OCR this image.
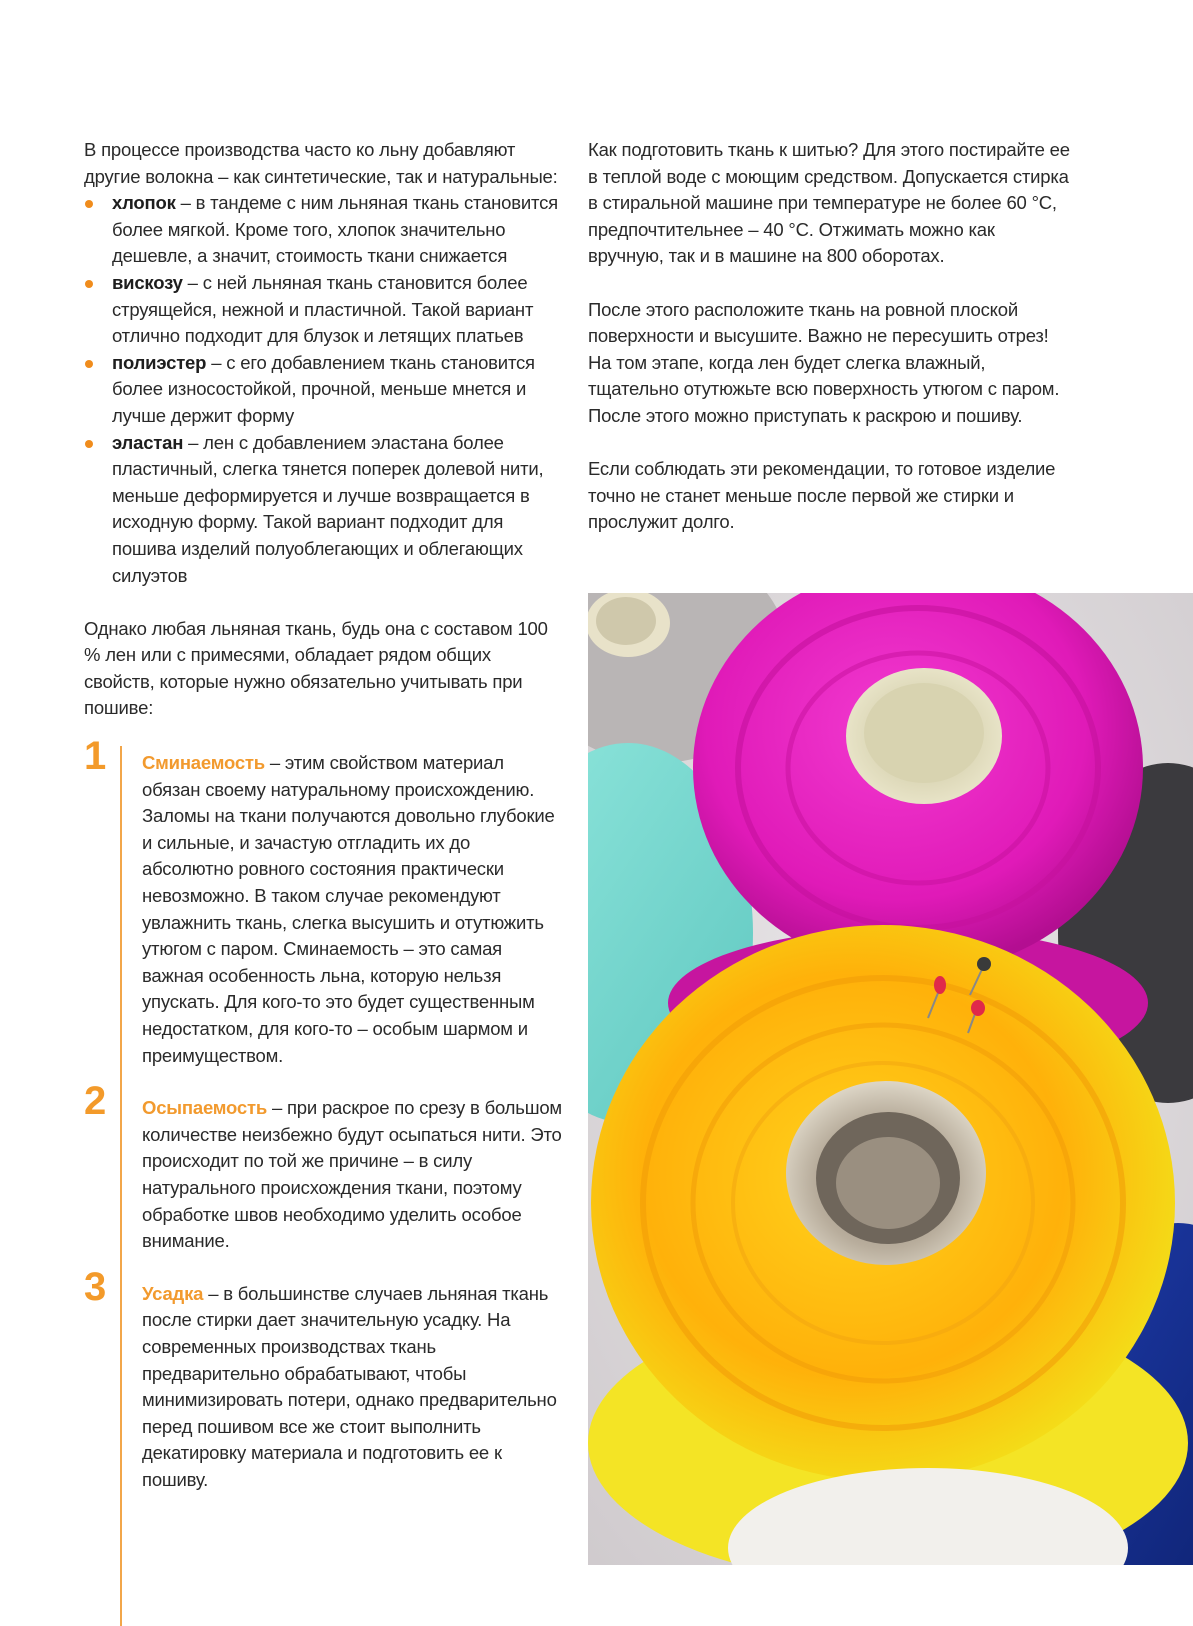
В процессе производства часто ко льну добавляют другие волокна – как синтетические, так и натуральные:

хлопок – в тандеме с ним льняная ткань становится более мягкой. Кроме того, хлопок значительно дешевле, а значит, стоимость ткани снижается
вискозу – с ней льняная ткань становится более струящейся, нежной и пластичной. Такой вариант отлично подходит для блузок и летящих платьев
полиэстер – с его добавлением ткань становится более износостойкой, прочной, меньше мнется и лучше держит форму
эластан – лен с добавлением эластана более пластичный, слегка тянется поперек долевой нити, меньше деформируется и лучше возвращается в исходную форму. Такой вариант подходит для пошива изделий полуоблегающих и облегающих силуэтов

Однако любая льняная ткань, будь она с составом 100 % лен или с примесями, обладает рядом общих свойств, которые нужно обязательно учитывать при пошиве:

1 Сминаемость – этим свойством материал обязан своему натуральному происхождению. Заломы на ткани получаются довольно глубокие и сильные, и зачастую отгладить их до абсолютно ровного состояния практически невозможно. В таком случае рекомендуют увлажнить ткань, слегка высушить и отутюжить утюгом с паром. Сминаемость – это самая важная особенность льна, которую нельзя упускать. Для кого-то это будет существенным недостатком, для кого-то – особым шармом и преимуществом.
2 Осыпаемость – при раскрое по срезу в большом количестве неизбежно будут осыпаться нити. Это происходит по той же причине – в силу натурального происхождения ткани, поэтому обработке швов необходимо уделить особое внимание.
3 Усадка – в большинстве случаев льняная ткань после стирки дает значительную усадку. На современных производствах ткань предварительно обрабатывают, чтобы минимизировать потери, однако предварительно перед пошивом все же стоит выполнить декатировку материала и подготовить ее к пошиву.

Как подготовить ткань к шитью? Для этого постирайте ее в теплой воде с моющим средством. Допускается стирка в стиральной машине при температуре не более 60 °С, предпочтительнее – 40 °С. Отжимать можно как вручную, так и в машине на 800 оборотах.

После этого расположите ткань на ровной плоской поверхности и высушите. Важно не пересушить отрез! На том этапе, когда лен будет слегка влажный, тщательно отутюжьте всю поверхность утюгом с паром. После этого можно приступать к раскрою и пошиву.

Если соблюдать эти рекомендации, то готовое изделие точно не станет меньше после первой же стирки и прослужит долго.
